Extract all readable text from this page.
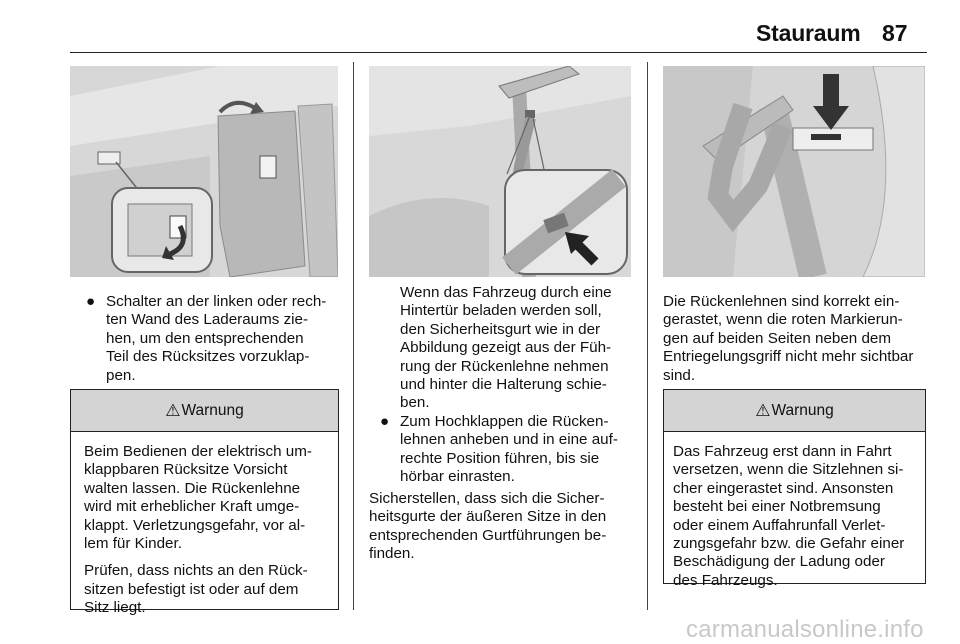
Stauraum 87
● Schalter an der linken oder rech-
ten Wand des Laderaums zie-
hen, um den entsprechenden
Teil des Rücksitzes vorzuklap-
pen.

⚠ Warnung

Beim Bedienen der elektrisch um-
klappbaren Rücksitze Vorsicht
walten lassen. Die Rückenlehne
wird mit erheblicher Kraft umge-
klappt. Verletzungsgefahr, vor al-
lem für Kinder.

Prüfen, dass nichts an den Rück-
sitzen befestigt ist oder auf dem
Sitz liegt.

Wenn das Fahrzeug durch eine
Hintertür beladen werden soll,
den Sicherheitsgurt wie in der
Abbildung gezeigt aus der Füh-
rung der Rückenlehne nehmen
und hinter die Halterung schie-
ben.

● Zum Hochklappen die Rücken-
lehnen anheben und in eine auf-
rechte Position führen, bis sie
hörbar einrasten.

Sicherstellen, dass sich die Sicher-
heitsgurte der äußeren Sitze in den
entsprechenden Gurtführungen be-
finden.

Die Rückenlehnen sind korrekt ein-
gerastet, wenn die roten Markierun-
gen auf beiden Seiten neben dem
Entriegelungsgriff nicht mehr sichtbar
sind.

⚠ Warnung

Das Fahrzeug erst dann in Fahrt
versetzen, wenn die Sitzlehnen si-
cher eingerastet sind. Ansonsten
besteht bei einer Notbremsung
oder einem Auffahrunfall Verlet-
zungsgefahr bzw. die Gefahr einer
Beschädigung der Ladung oder
des Fahrzeugs.

carmanualsonline.info
